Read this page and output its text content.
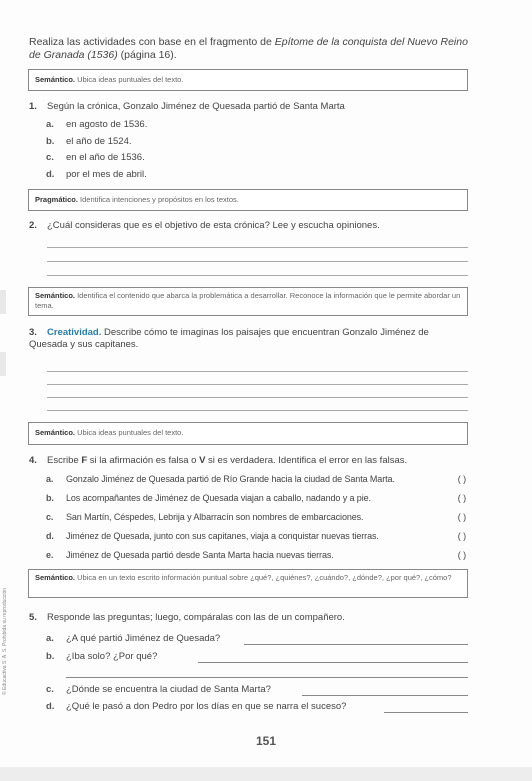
Realiza las actividades con base en el fragmento de Epítome de la conquista del Nuevo Reino de Granada (1536) (página 16).
Semántico. Ubica ideas puntuales del texto.
1. Según la crónica, Gonzalo Jiménez de Quesada partió de Santa Marta
a. en agosto de 1536.
b. el año de 1524.
c. en el año de 1536.
d. por el mes de abril.
Pragmático. Identifica intenciones y propósitos en los textos.
2. ¿Cuál consideras que es el objetivo de esta crónica? Lee y escucha opiniones.
Semántico. Identifica el contenido que abarca la problemática a desarrollar. Reconoce la información que le permite abordar un tema.
3. Creatividad. Describe cómo te imaginas los paisajes que encuentran Gonzalo Jiménez de Quesada y sus capitanes.
Semántico. Ubica ideas puntuales del texto.
4. Escribe F si la afirmación es falsa o V si es verdadera. Identifica el error en las falsas.
a. Gonzalo Jiménez de Quesada partió de Río Grande hacia la ciudad de Santa Marta.	( )
b. Los acompañantes de Jiménez de Quesada viajan a caballo, nadando y a pie.	( )
c. San Martín, Céspedes, Lebrija y Albarracín son nombres de embarcaciones.	( )
d. Jiménez de Quesada, junto con sus capitanes, viaja a conquistar nuevas tierras.	( )
e. Jiménez de Quesada partió desde Santa Marta hacia nuevas tierras.	( )
Semántico. Ubica en un texto escrito información puntual sobre ¿qué?, ¿quiénes?, ¿cuándo?, ¿dónde?, ¿por qué?, ¿cómo?
5. Responde las preguntas; luego, compáralas con las de un compañero.
a. ¿A qué partió Jiménez de Quesada?
b. ¿Iba solo? ¿Por qué?
c. ¿Dónde se encuentra la ciudad de Santa Marta?
d. ¿Qué le pasó a don Pedro por los días en que se narra el suceso?
© Educactiva S. A. S. Prohibida su reproducción
151
